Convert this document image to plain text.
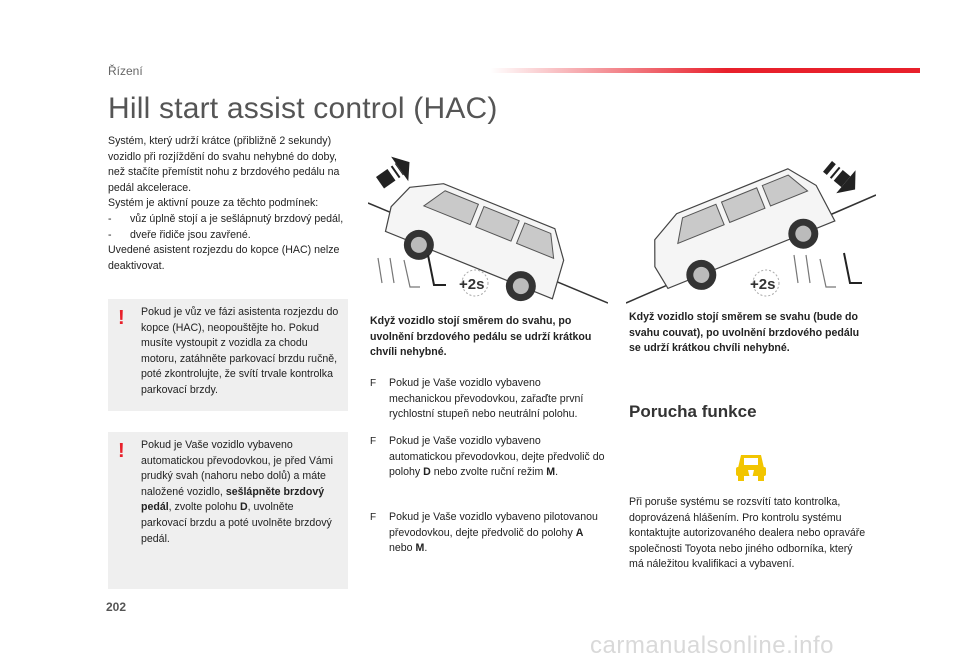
Řízení
Hill start assist control (HAC)

Systém, který udrží krátce (přibližně 2 sekundy) vozidlo při rozjíždění do svahu nehybné do doby, než stačíte přemístit nohu z brzdového pedálu na pedál akcelerace.

Systém je aktivní pouze za těchto podmínek:

-	vůz úplně stojí a je sešlápnutý brzdový pedál,
-	dveře řidiče jsou zavřené.

Uvedené asistent rozjezdu do kopce (HAC) nelze deaktivovat.

! Pokud je vůz ve fázi asistenta rozjezdu do kopce (HAC), neopouštějte ho. Pokud musíte vystoupit z vozidla za chodu motoru, zatáhněte parkovací brzdu ručně, poté zkontrolujte, že svítí trvale kontrolka parkovací brzdy.
! Pokud je Vaše vozidlo vybaveno automatickou převodovkou, je před Vámi prudký svah (nahoru nebo dolů) a máte naložené vozidlo, sešlápněte brzdový pedál, zvolte polohu D, uvolněte parkovací brzdu a poté uvolněte brzdový pedál.
+2s	+2s
Když vozidlo stojí směrem do svahu, po uvolnění brzdového pedálu se udrží krátkou chvíli nehybné.
Když vozidlo stojí směrem se svahu (bude do svahu couvat), po uvolnění brzdového pedálu se udrží krátkou chvíli nehybné.
F Pokud je Vaše vozidlo vybaveno mechanickou převodovkou, zařaďte první rychlostní stupeň nebo neutrální polohu.
F Pokud je Vaše vozidlo vybaveno automatickou převodovkou, dejte předvolič do polohy D nebo zvolte ruční režim M.
F Pokud je Vaše vozidlo vybaveno pilotovanou převodovkou, dejte předvolič do polohy A nebo M.
Porucha funkce
Při poruše systému se rozsvítí tato kontrolka, doprovázená hlášením. Pro kontrolu systému kontaktujte autorizovaného dealera nebo opraváře společnosti Toyota nebo jiného odborníka, který má náležitou kvalifikaci a vybavení.
202
carmanualsonline.info
